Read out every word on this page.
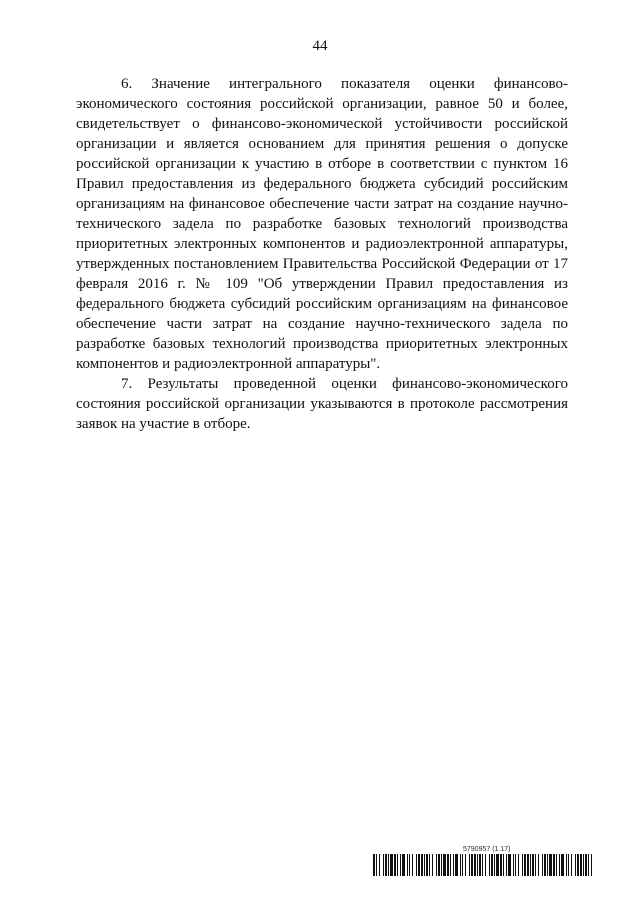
44

6. Значение интегрального показателя оценки финансово-экономического состояния российской организации, равное 50 и более, свидетельствует о финансово-экономической устойчивости российской организации и является основанием для принятия решения о допуске российской организации к участию в отборе в соответствии с пунктом 16 Правил предоставления из федерального бюджета субсидий российским организациям на финансовое обеспечение части затрат на создание научно-технического задела по разработке базовых технологий производства приоритетных электронных компонентов и радиоэлектронной аппаратуры, утвержденных постановлением Правительства Российской Федерации от 17 февраля 2016 г. № 109 "Об утверждении Правил предоставления из федерального бюджета субсидий российским организациям на финансовое обеспечение части затрат на создание научно-технического задела по разработке базовых технологий производства приоритетных электронных компонентов и радиоэлектронной аппаратуры".

7. Результаты проведенной оценки финансово-экономического состояния российской организации указываются в протоколе рассмотрения заявок на участие в отборе.

5790957 (1.17)
